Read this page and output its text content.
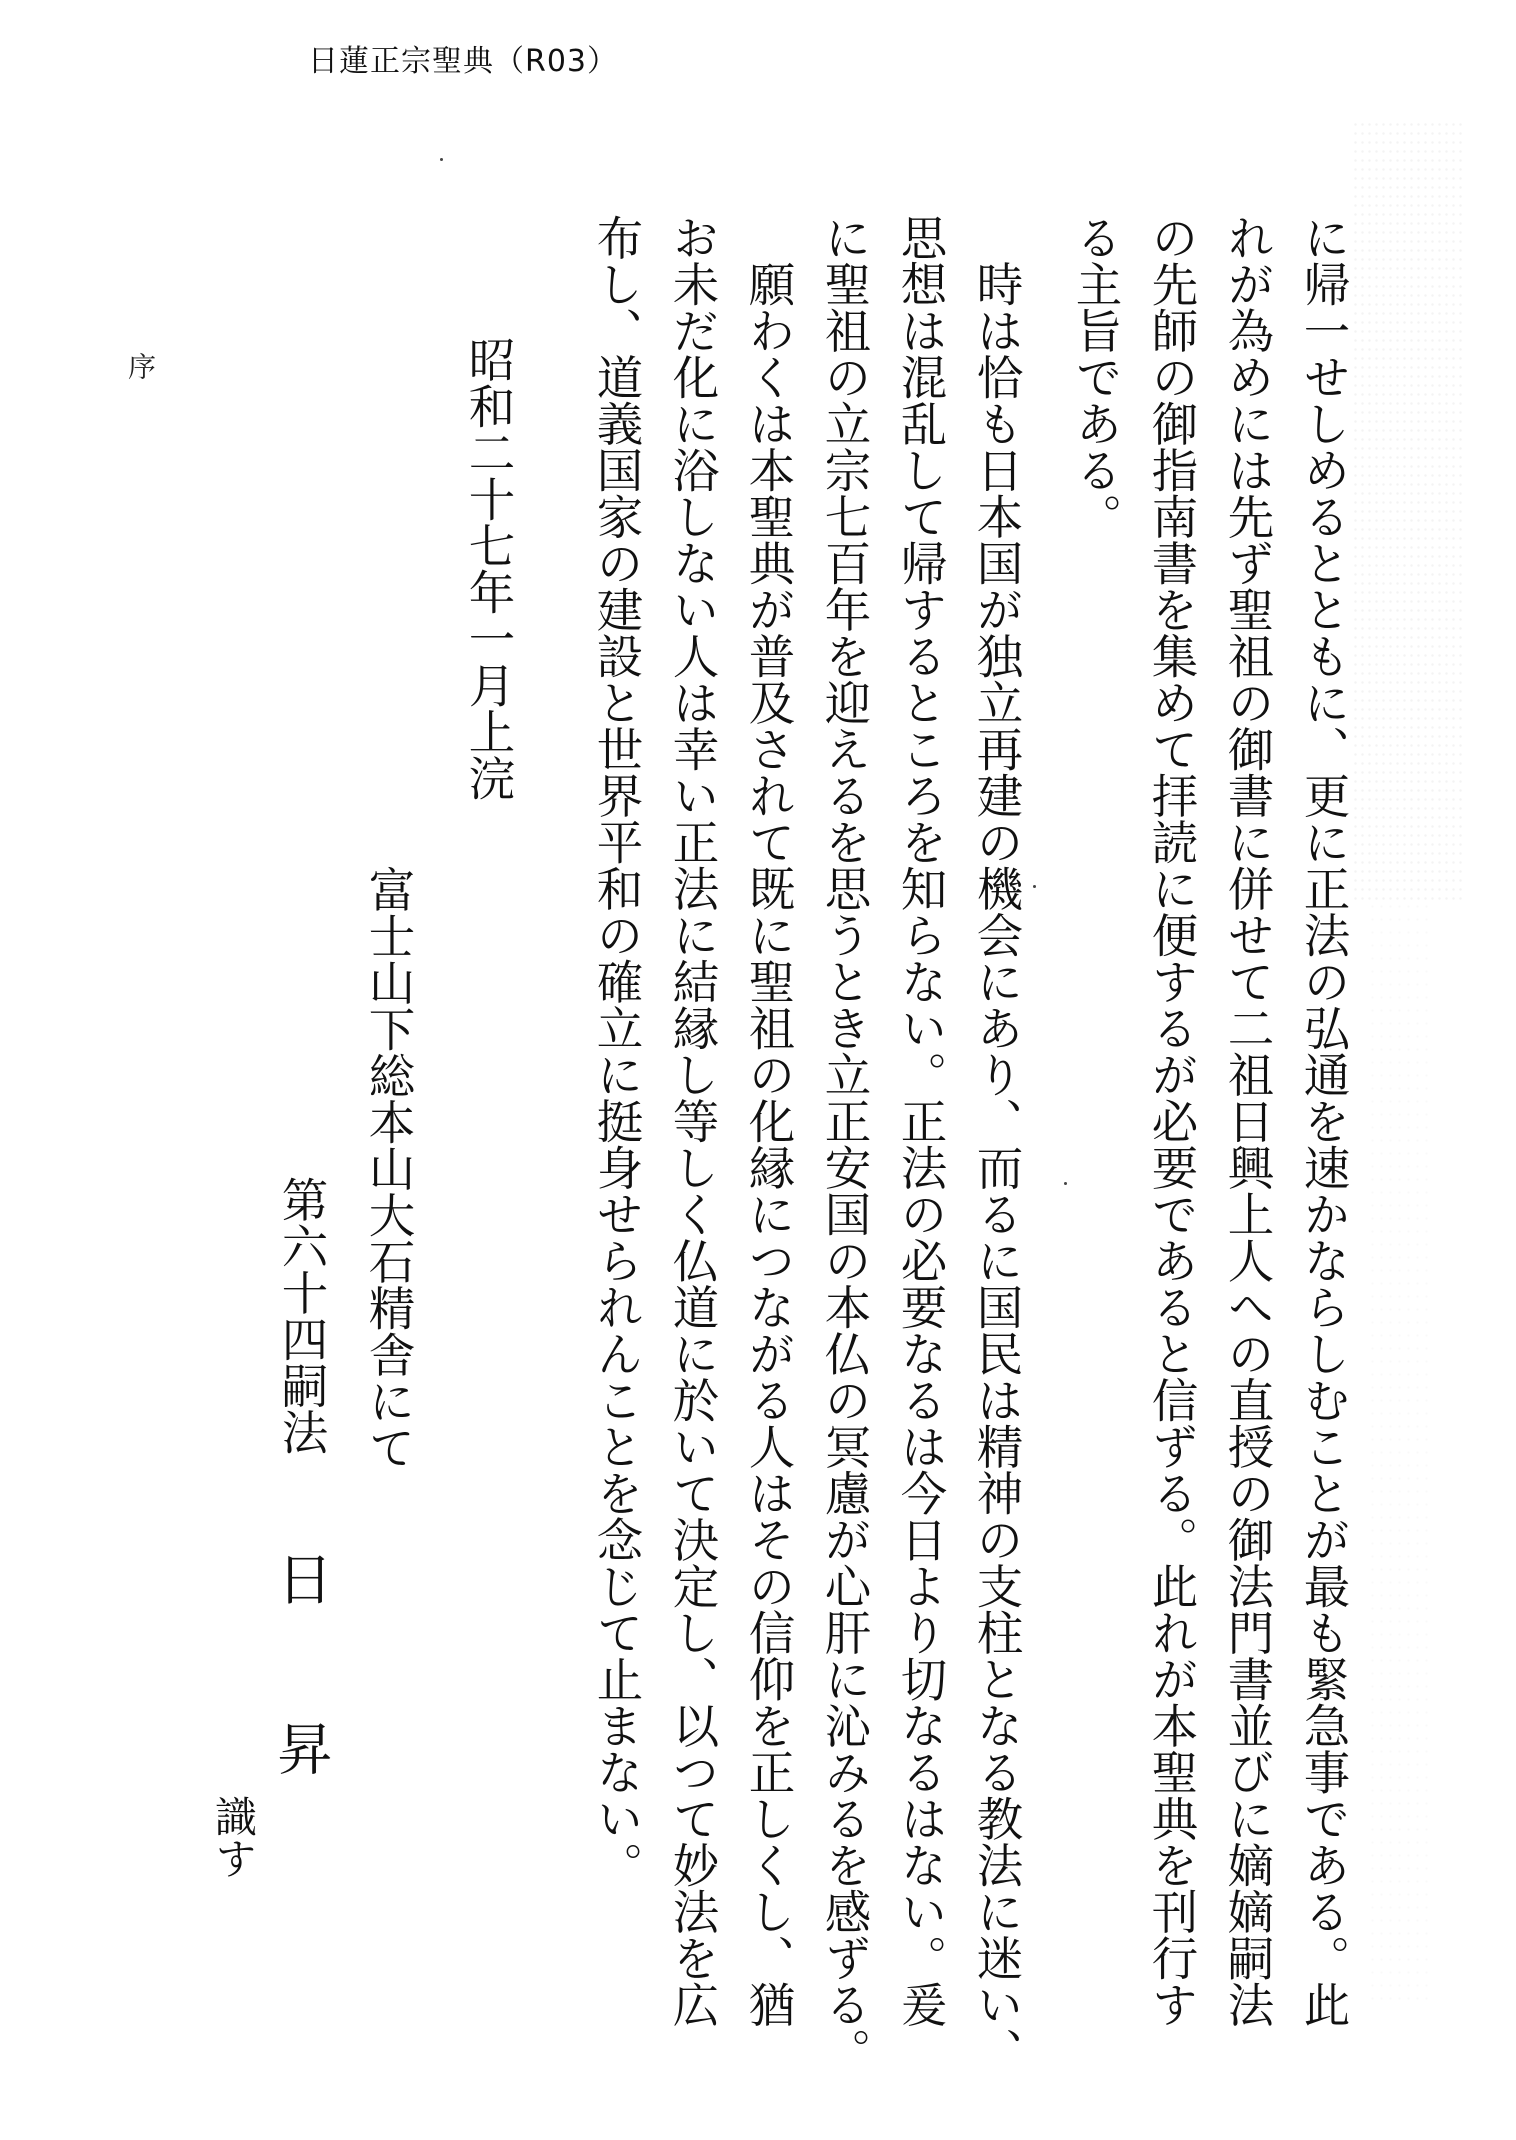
日蓮正宗聖典（R03）
序	に帰一せしめるとともに、更に正法の弘通を速かならしむことが最も緊急事である。此
れが為めには先ず聖祖の御書に併せて二祖日興上人への直授の御法門書並びに嫡嫡嗣法
の先師の御指南書を集めて拝読に便するが必要であると信ずる。此れが本聖典を刊行す
る主旨である。
　時は恰も日本国が独立再建の機会にあり、而るに国民は精神の支柱となる教法に迷い、
思想は混乱して帰するところを知らない。正法の必要なるは今日より切なるはない。爰
に聖祖の立宗七百年を迎えるを思うとき立正安国の本仏の冥慮が心肝に沁みるを感ずる。
　願わくは本聖典が普及されて既に聖祖の化縁につながる人はその信仰を正しくし、猶
お未だ化に浴しない人は幸い正法に結縁し等しく仏道に於いて決定し、以つて妙法を広
布し、道義国家の建設と世界平和の確立に挺身せられんことを念じて止まない。
昭和二十七年一月上浣
富士山下総本山大石精舎にて
第六十四嗣法
日
昇
識す
